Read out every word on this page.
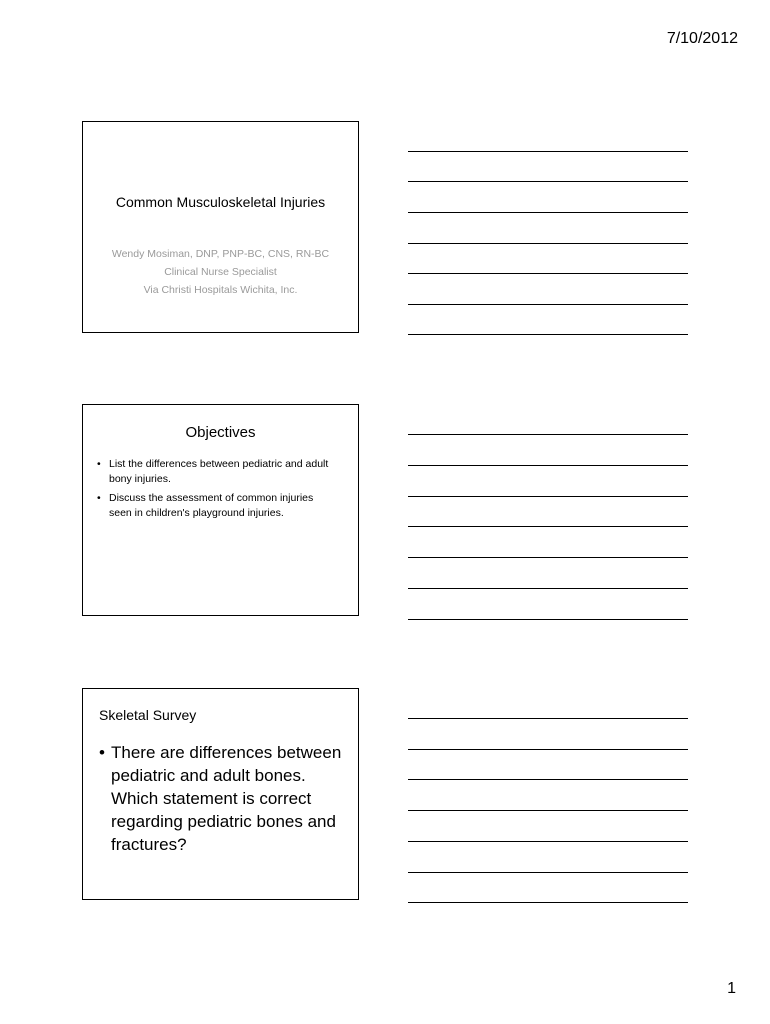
7/10/2012
Common Musculoskeletal Injuries
Wendy Mosiman, DNP, PNP-BC, CNS, RN-BC
Clinical Nurse Specialist
Via Christi Hospitals Wichita, Inc.
Objectives
• List the differences between pediatric and adult bony injuries.
• Discuss the assessment of common injuries seen in children's playground injuries.
Skeletal Survey
• There are differences between pediatric and adult bones. Which statement is correct regarding pediatric bones and fractures?
1
